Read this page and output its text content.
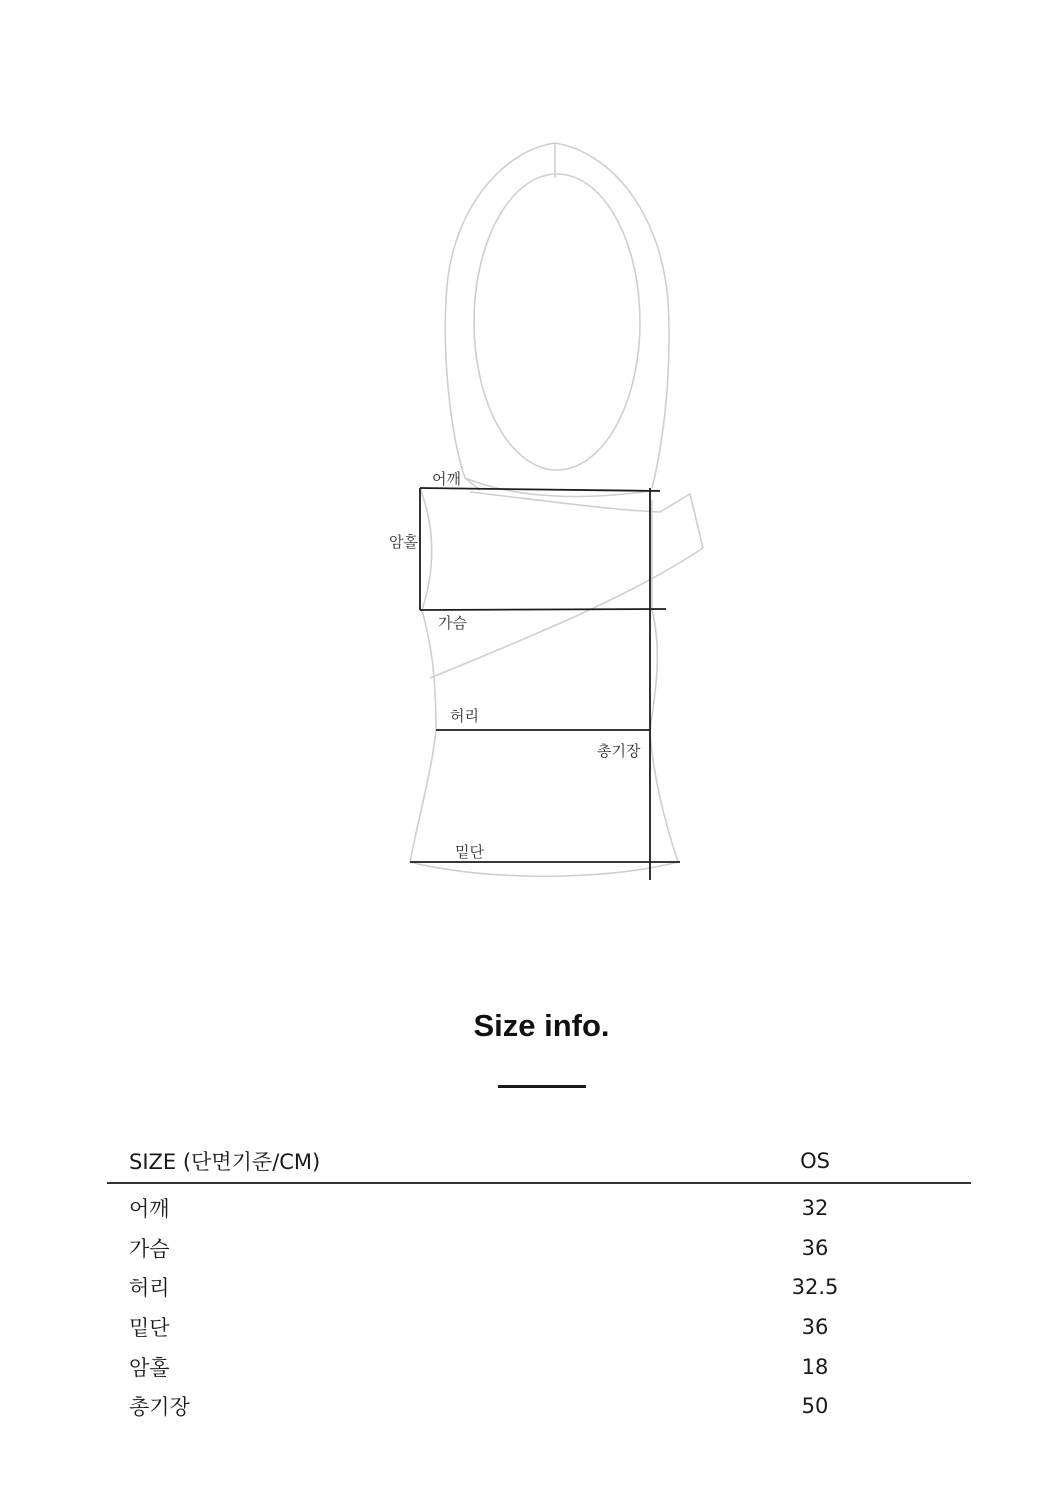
어깨
암홀
가슴
허리
총기장
밑단
Size info.
SIZE (단면기준/CM)	OS
어깨	32
가슴	36
허리	32.5
밑단	36
암홀	18
총기장	50
